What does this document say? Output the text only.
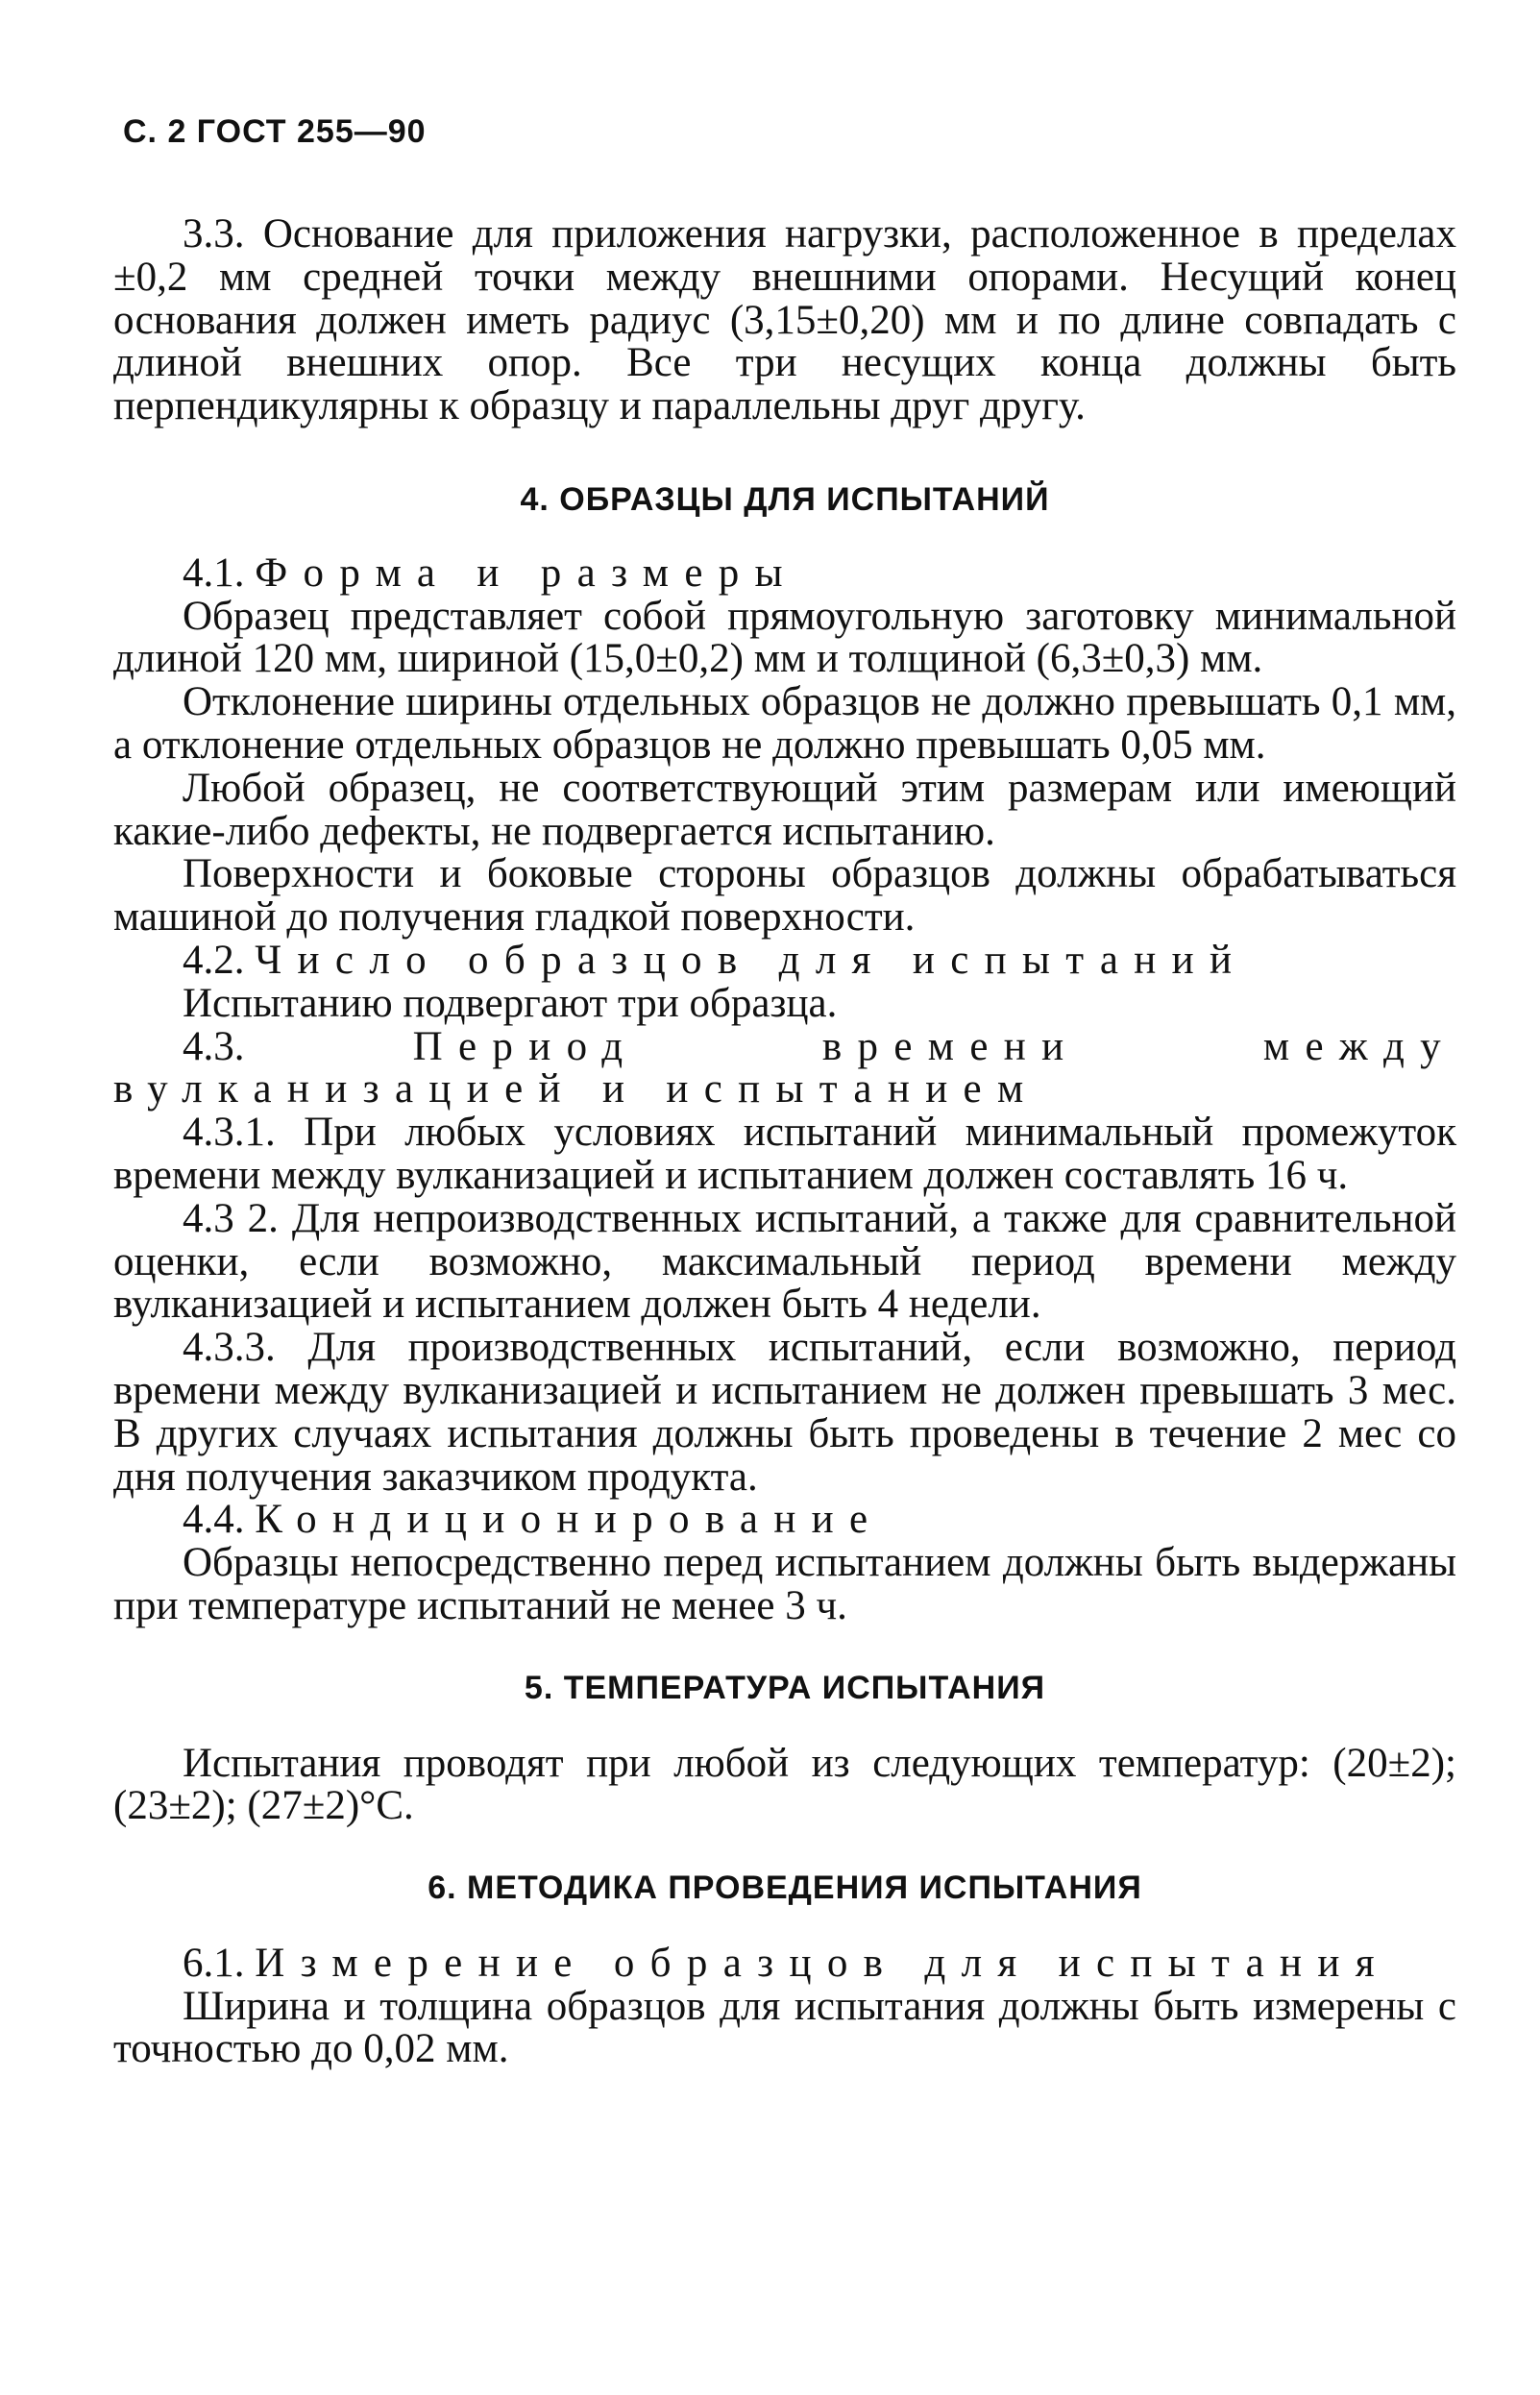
С. 2 ГОСТ 255—90

3.3. Основание для приложения нагрузки, расположенное в пределах ±0,2 мм средней точки между внешними опорами. Несущий конец основания должен иметь радиус (3,15±0,20) мм и по длине совпадать с длиной внешних опор. Все три несущих конца должны быть перпендикулярны к образцу и параллельны друг другу.

4. ОБРАЗЦЫ ДЛЯ ИСПЫТАНИЙ

4.1. Форма и размеры

Образец представляет собой прямоугольную заготовку минимальной длиной 120 мм, шириной (15,0±0,2) мм и толщиной (6,3±0,3) мм.

Отклонение ширины отдельных образцов не должно превышать 0,1 мм, а отклонение отдельных образцов не должно превышать 0,05 мм.

Любой образец, не соответствующий этим размерам или имеющий какие-либо дефекты, не подвергается испытанию.

Поверхности и боковые стороны образцов должны обрабатываться машиной до получения гладкой поверхности.

4.2. Число образцов для испытаний

Испытанию подвергают три образца.

4.3.	Период времени между вулканизацией и испытанием

4.3.1. При любых условиях испытаний минимальный промежуток времени между вулканизацией и испытанием должен составлять 16 ч.

4.3 2. Для непроизводственных испытаний, а также для сравнительной оценки, если возможно, максимальный период времени между вулканизацией и испытанием должен быть 4 недели.

4.3.3. Для производственных испытаний, если возможно, период времени между вулканизацией и испытанием не должен превышать 3 мес. В других случаях испытания должны быть проведены в течение 2 мес со дня получения заказчиком продукта.

4.4. Кондиционирование

Образцы непосредственно перед испытанием должны быть выдержаны при температуре испытаний не менее 3 ч.

5. ТЕМПЕРАТУРА ИСПЫТАНИЯ

Испытания проводят при любой из следующих температур: (20±2); (23±2); (27±2)°С.

6. МЕТОДИКА ПРОВЕДЕНИЯ ИСПЫТАНИЯ

6.1. Измерение образцов для испытания

Ширина и толщина образцов для испытания должны быть измерены с точностью до 0,02 мм.
